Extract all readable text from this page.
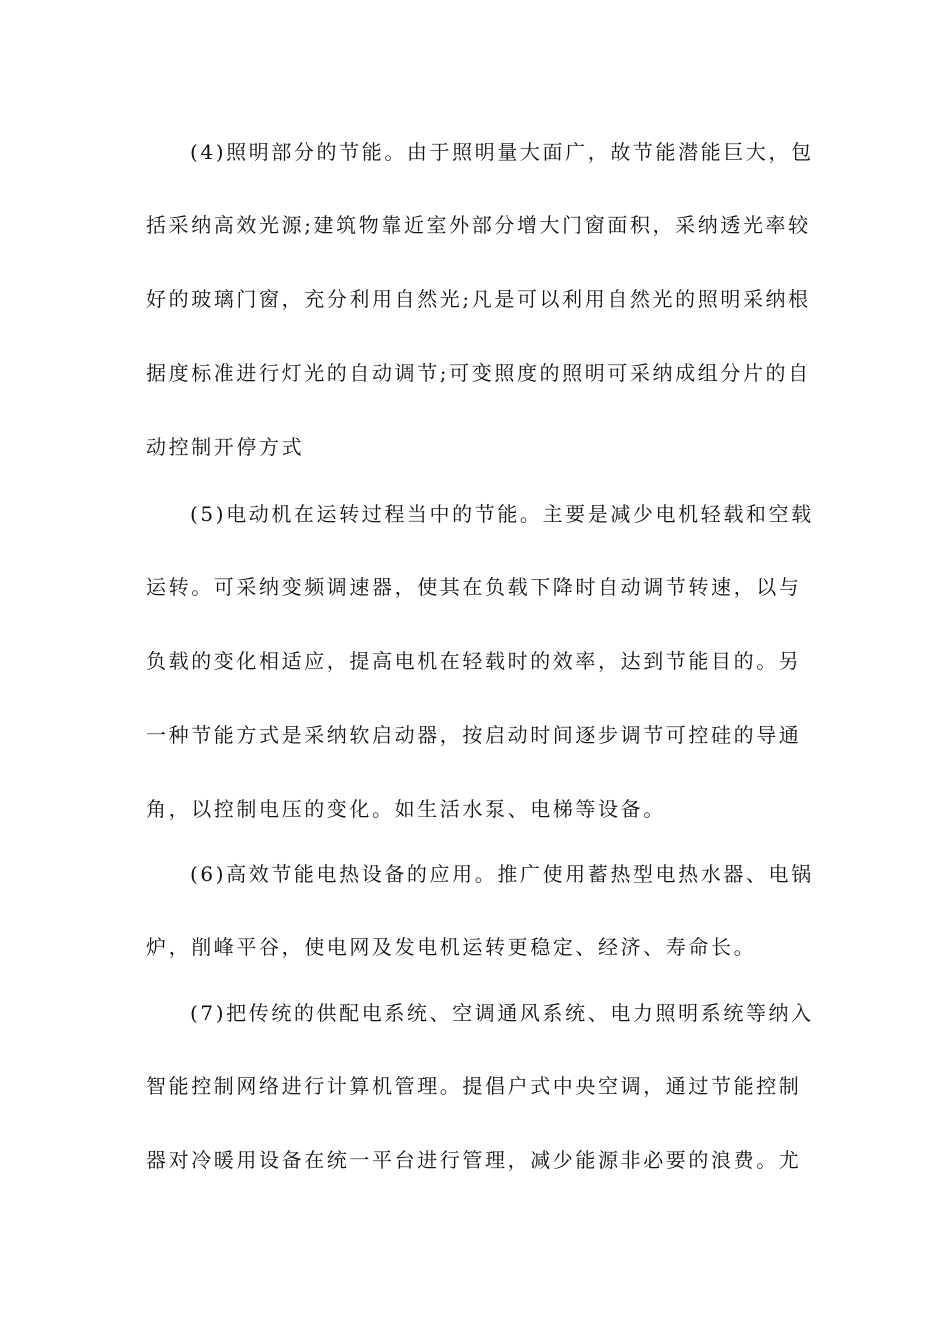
(4)照明部分的节能。由于照明量大面广，故节能潜能巨大，包
括采纳高效光源;建筑物靠近室外部分增大门窗面积，采纳透光率较
好的玻璃门窗，充分利用自然光;凡是可以利用自然光的照明采纳根
据度标准进行灯光的自动调节;可变照度的照明可采纳成组分片的自
动控制开停方式
(5)电动机在运转过程当中的节能。主要是减少电机轻载和空载
运转。可采纳变频调速器，使其在负载下降时自动调节转速，以与
负载的变化相适应，提高电机在轻载时的效率，达到节能目的。另
一种节能方式是采纳软启动器，按启动时间逐步调节可控硅的导通
角，以控制电压的变化。如生活水泵、电梯等设备。
(6)高效节能电热设备的应用。推广使用蓄热型电热水器、电锅
炉，削峰平谷，使电网及发电机运转更稳定、经济、寿命长。
(7)把传统的供配电系统、空调通风系统、电力照明系统等纳入
智能控制网络进行计算机管理。提倡户式中央空调，通过节能控制
器对冷暖用设备在统一平台进行管理，减少能源非必要的浪费。尤
